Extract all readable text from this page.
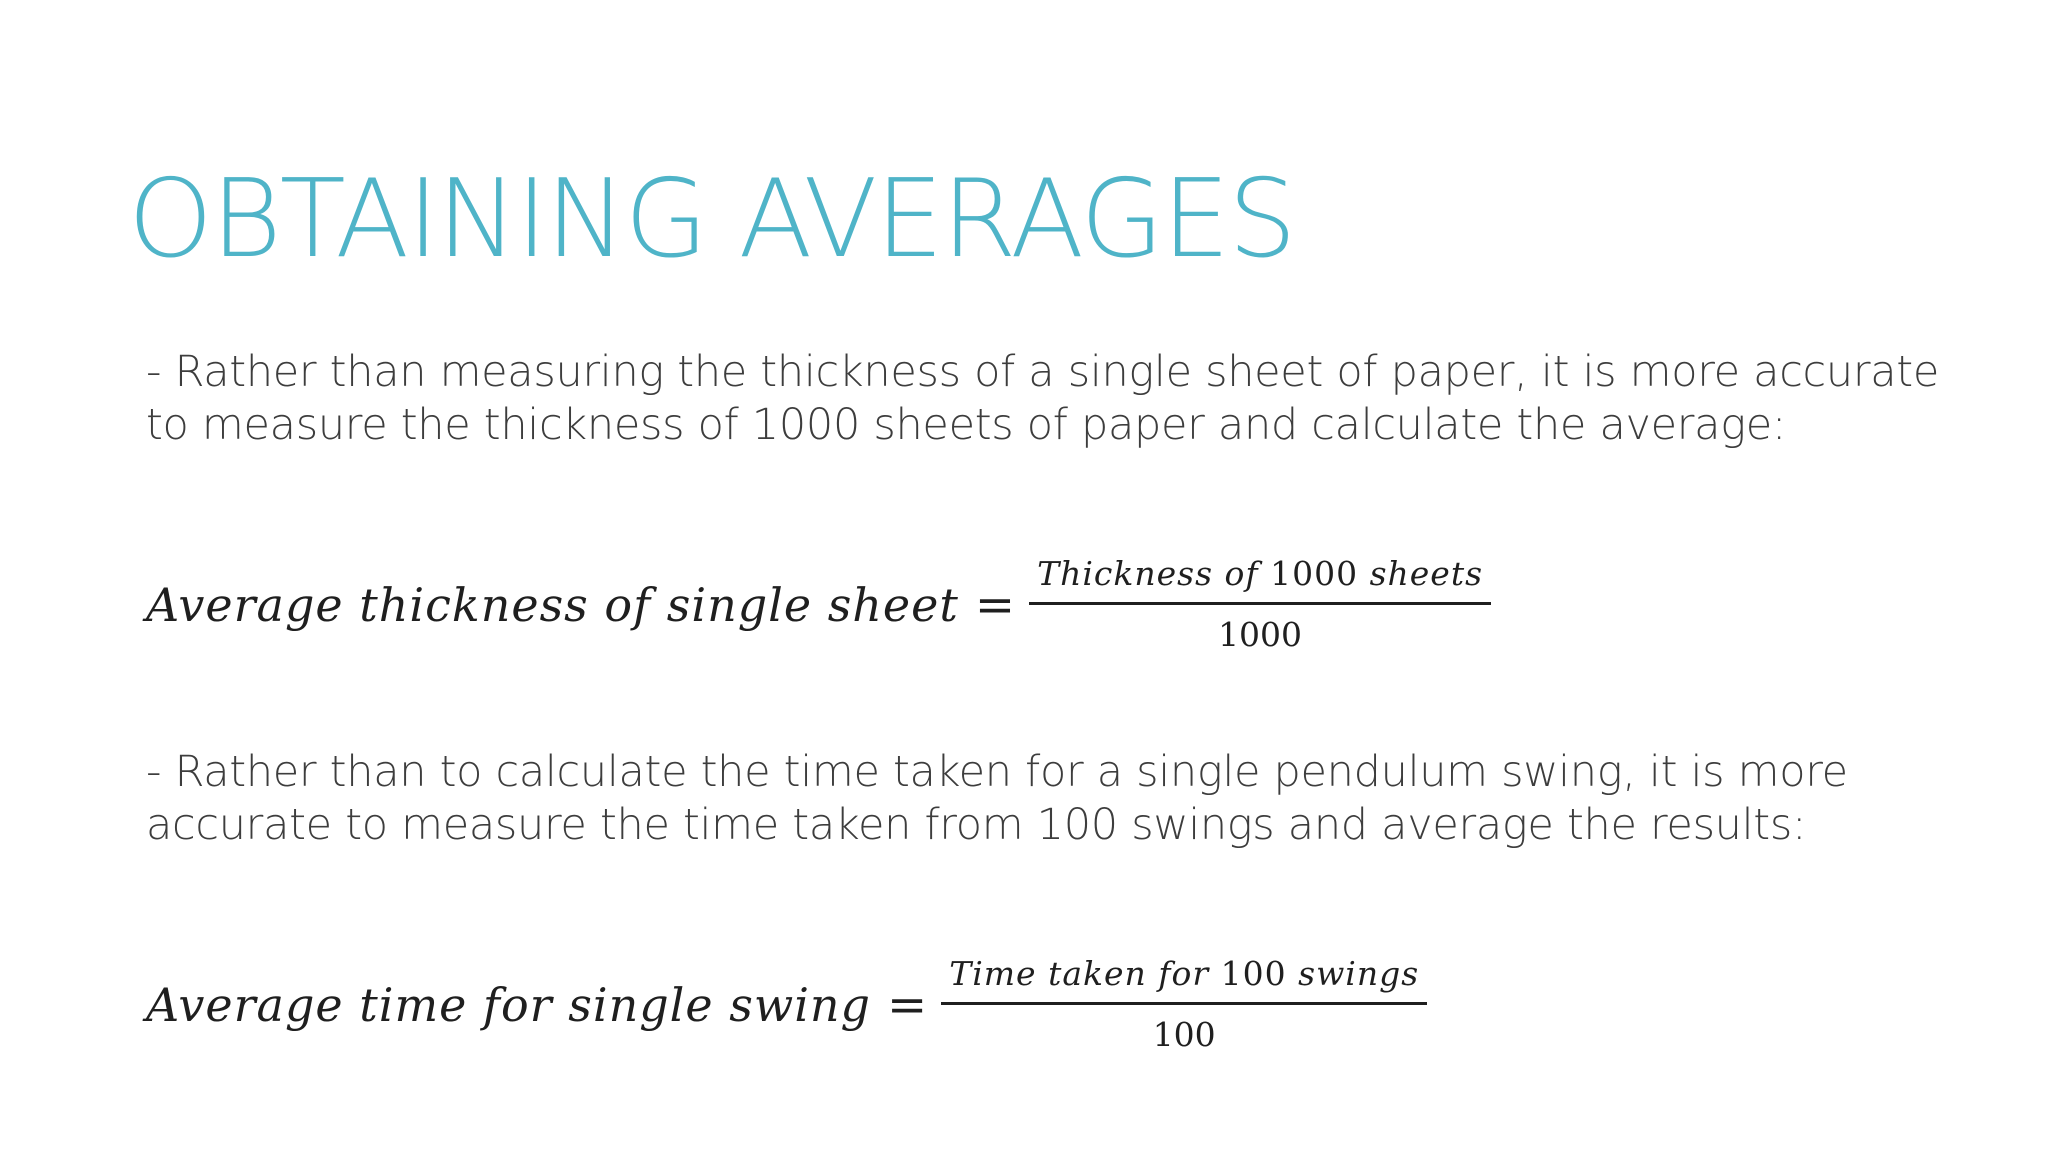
OBTAINING AVERAGES
- Rather than measuring the thickness of a single sheet of paper, it is more accurate
to measure the thickness of 1000 sheets of paper and calculate the average:
Average thickness of single sheet = $\frac{\text{Thickness of 1000 sheets}}{1000}$
- Rather than to calculate the time taken for a single pendulum swing, it is more
accurate to measure the time taken from 100 swings and average the results:
Average time for single swing = $\frac{\text{Time taken for 100 swings}}{100}$
